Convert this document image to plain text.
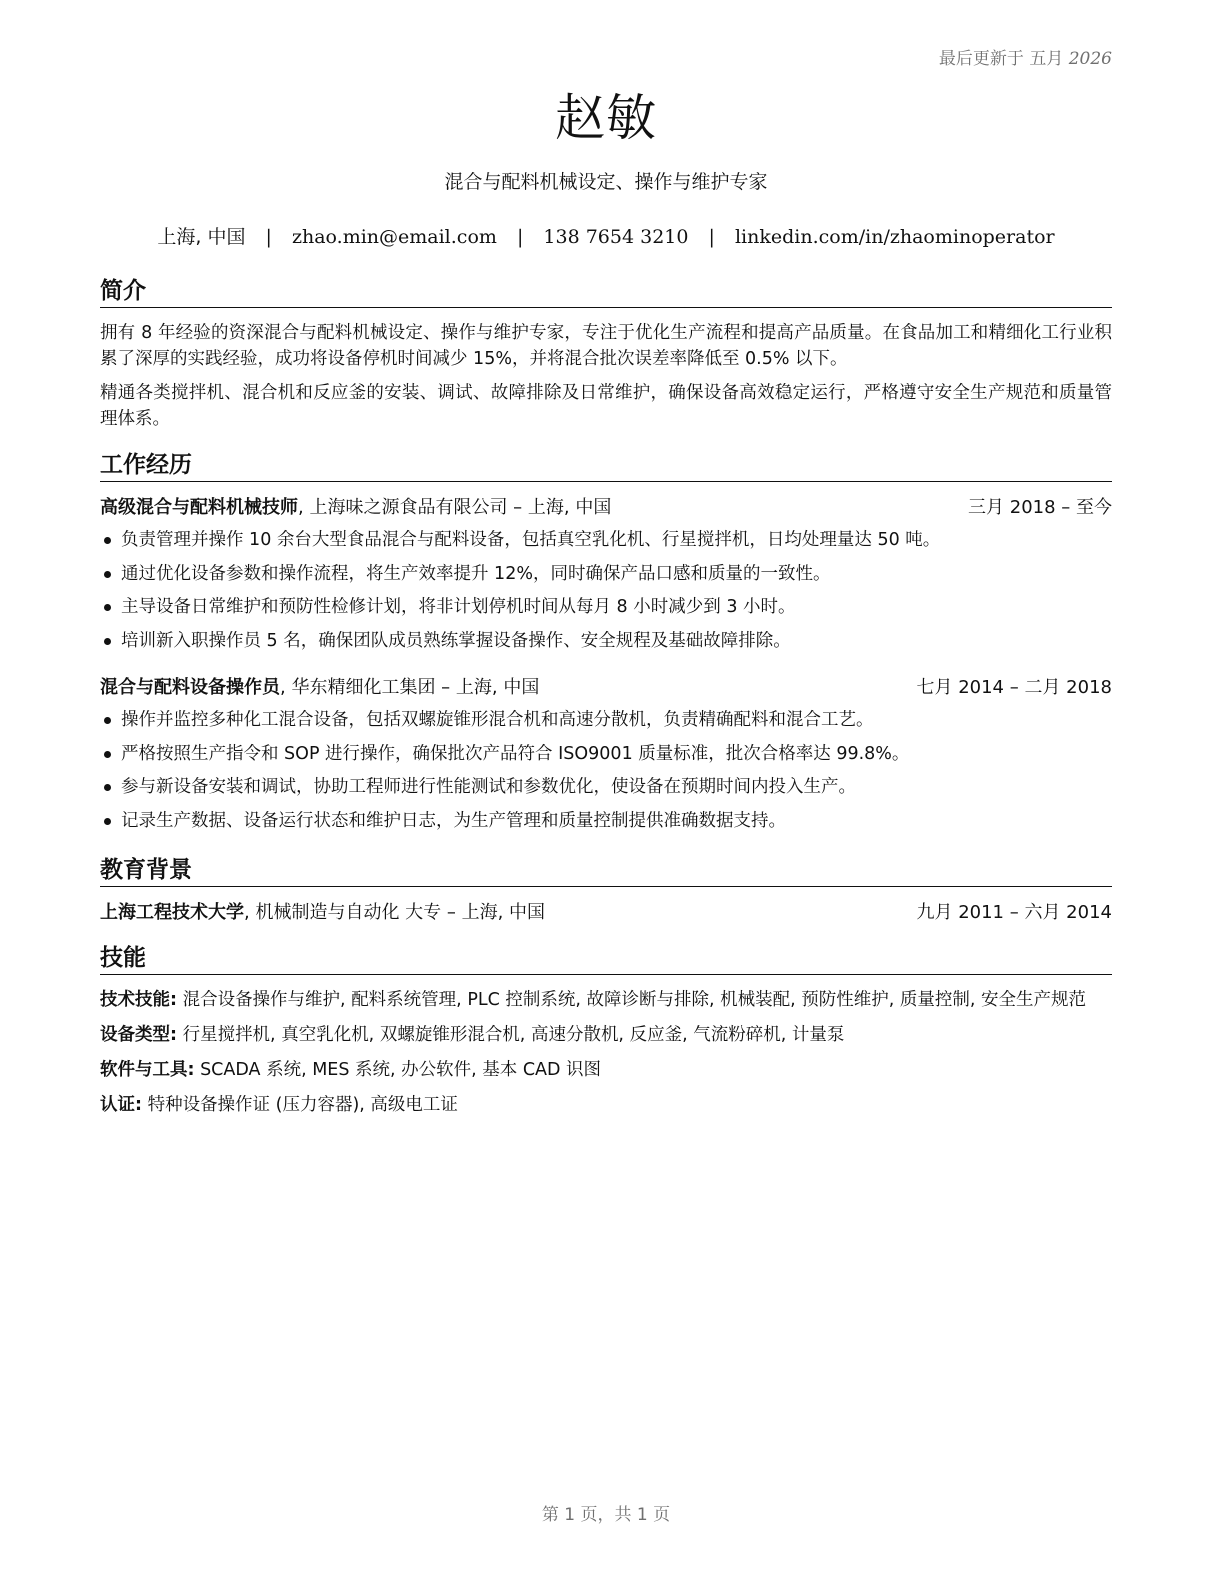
最后更新于 五月 2026
赵敏
混合与配料机械设定、操作与维护专家
上海, 中国 | zhao.min@email.com | 138 7654 3210 | linkedin.com/in/zhaominoperator
简介

拥有 8 年经验的资深混合与配料机械设定、操作与维护专家，专注于优化生产流程和提高产品质量。在食品加工和精细化工行业积累了深厚的实践经验，成功将设备停机时间减少 15%，并将混合批次误差率降低至 0.5% 以下。

精通各类搅拌机、混合机和反应釜的安装、调试、故障排除及日常维护，确保设备高效稳定运行，严格遵守安全生产规范和质量管理体系。

工作经历
高级混合与配料机械技师, 上海味之源食品有限公司 – 上海, 中国	三月 2018 – 至今
负责管理并操作 10 余台大型食品混合与配料设备，包括真空乳化机、行星搅拌机，日均处理量达 50 吨。
通过优化设备参数和操作流程，将生产效率提升 12%，同时确保产品口感和质量的一致性。
主导设备日常维护和预防性检修计划，将非计划停机时间从每月 8 小时减少到 3 小时。
培训新入职操作员 5 名，确保团队成员熟练掌握设备操作、安全规程及基础故障排除。
混合与配料设备操作员, 华东精细化工集团 – 上海, 中国	七月 2014 – 二月 2018
操作并监控多种化工混合设备，包括双螺旋锥形混合机和高速分散机，负责精确配料和混合工艺。
严格按照生产指令和 SOP 进行操作，确保批次产品符合 ISO9001 质量标准，批次合格率达 99.8%。
参与新设备安装和调试，协助工程师进行性能测试和参数优化，使设备在预期时间内投入生产。
记录生产数据、设备运行状态和维护日志，为生产管理和质量控制提供准确数据支持。
教育背景
上海工程技术大学, 机械制造与自动化 大专 – 上海, 中国	九月 2011 – 六月 2014
技能
技术技能: 混合设备操作与维护, 配料系统管理, PLC 控制系统, 故障诊断与排除, 机械装配, 预防性维护, 质量控制, 安全生产规范
设备类型: 行星搅拌机, 真空乳化机, 双螺旋锥形混合机, 高速分散机, 反应釜, 气流粉碎机, 计量泵
软件与工具: SCADA 系统, MES 系统, 办公软件, 基本 CAD 识图
认证: 特种设备操作证 (压力容器), 高级电工证
第 1 页，共 1 页
